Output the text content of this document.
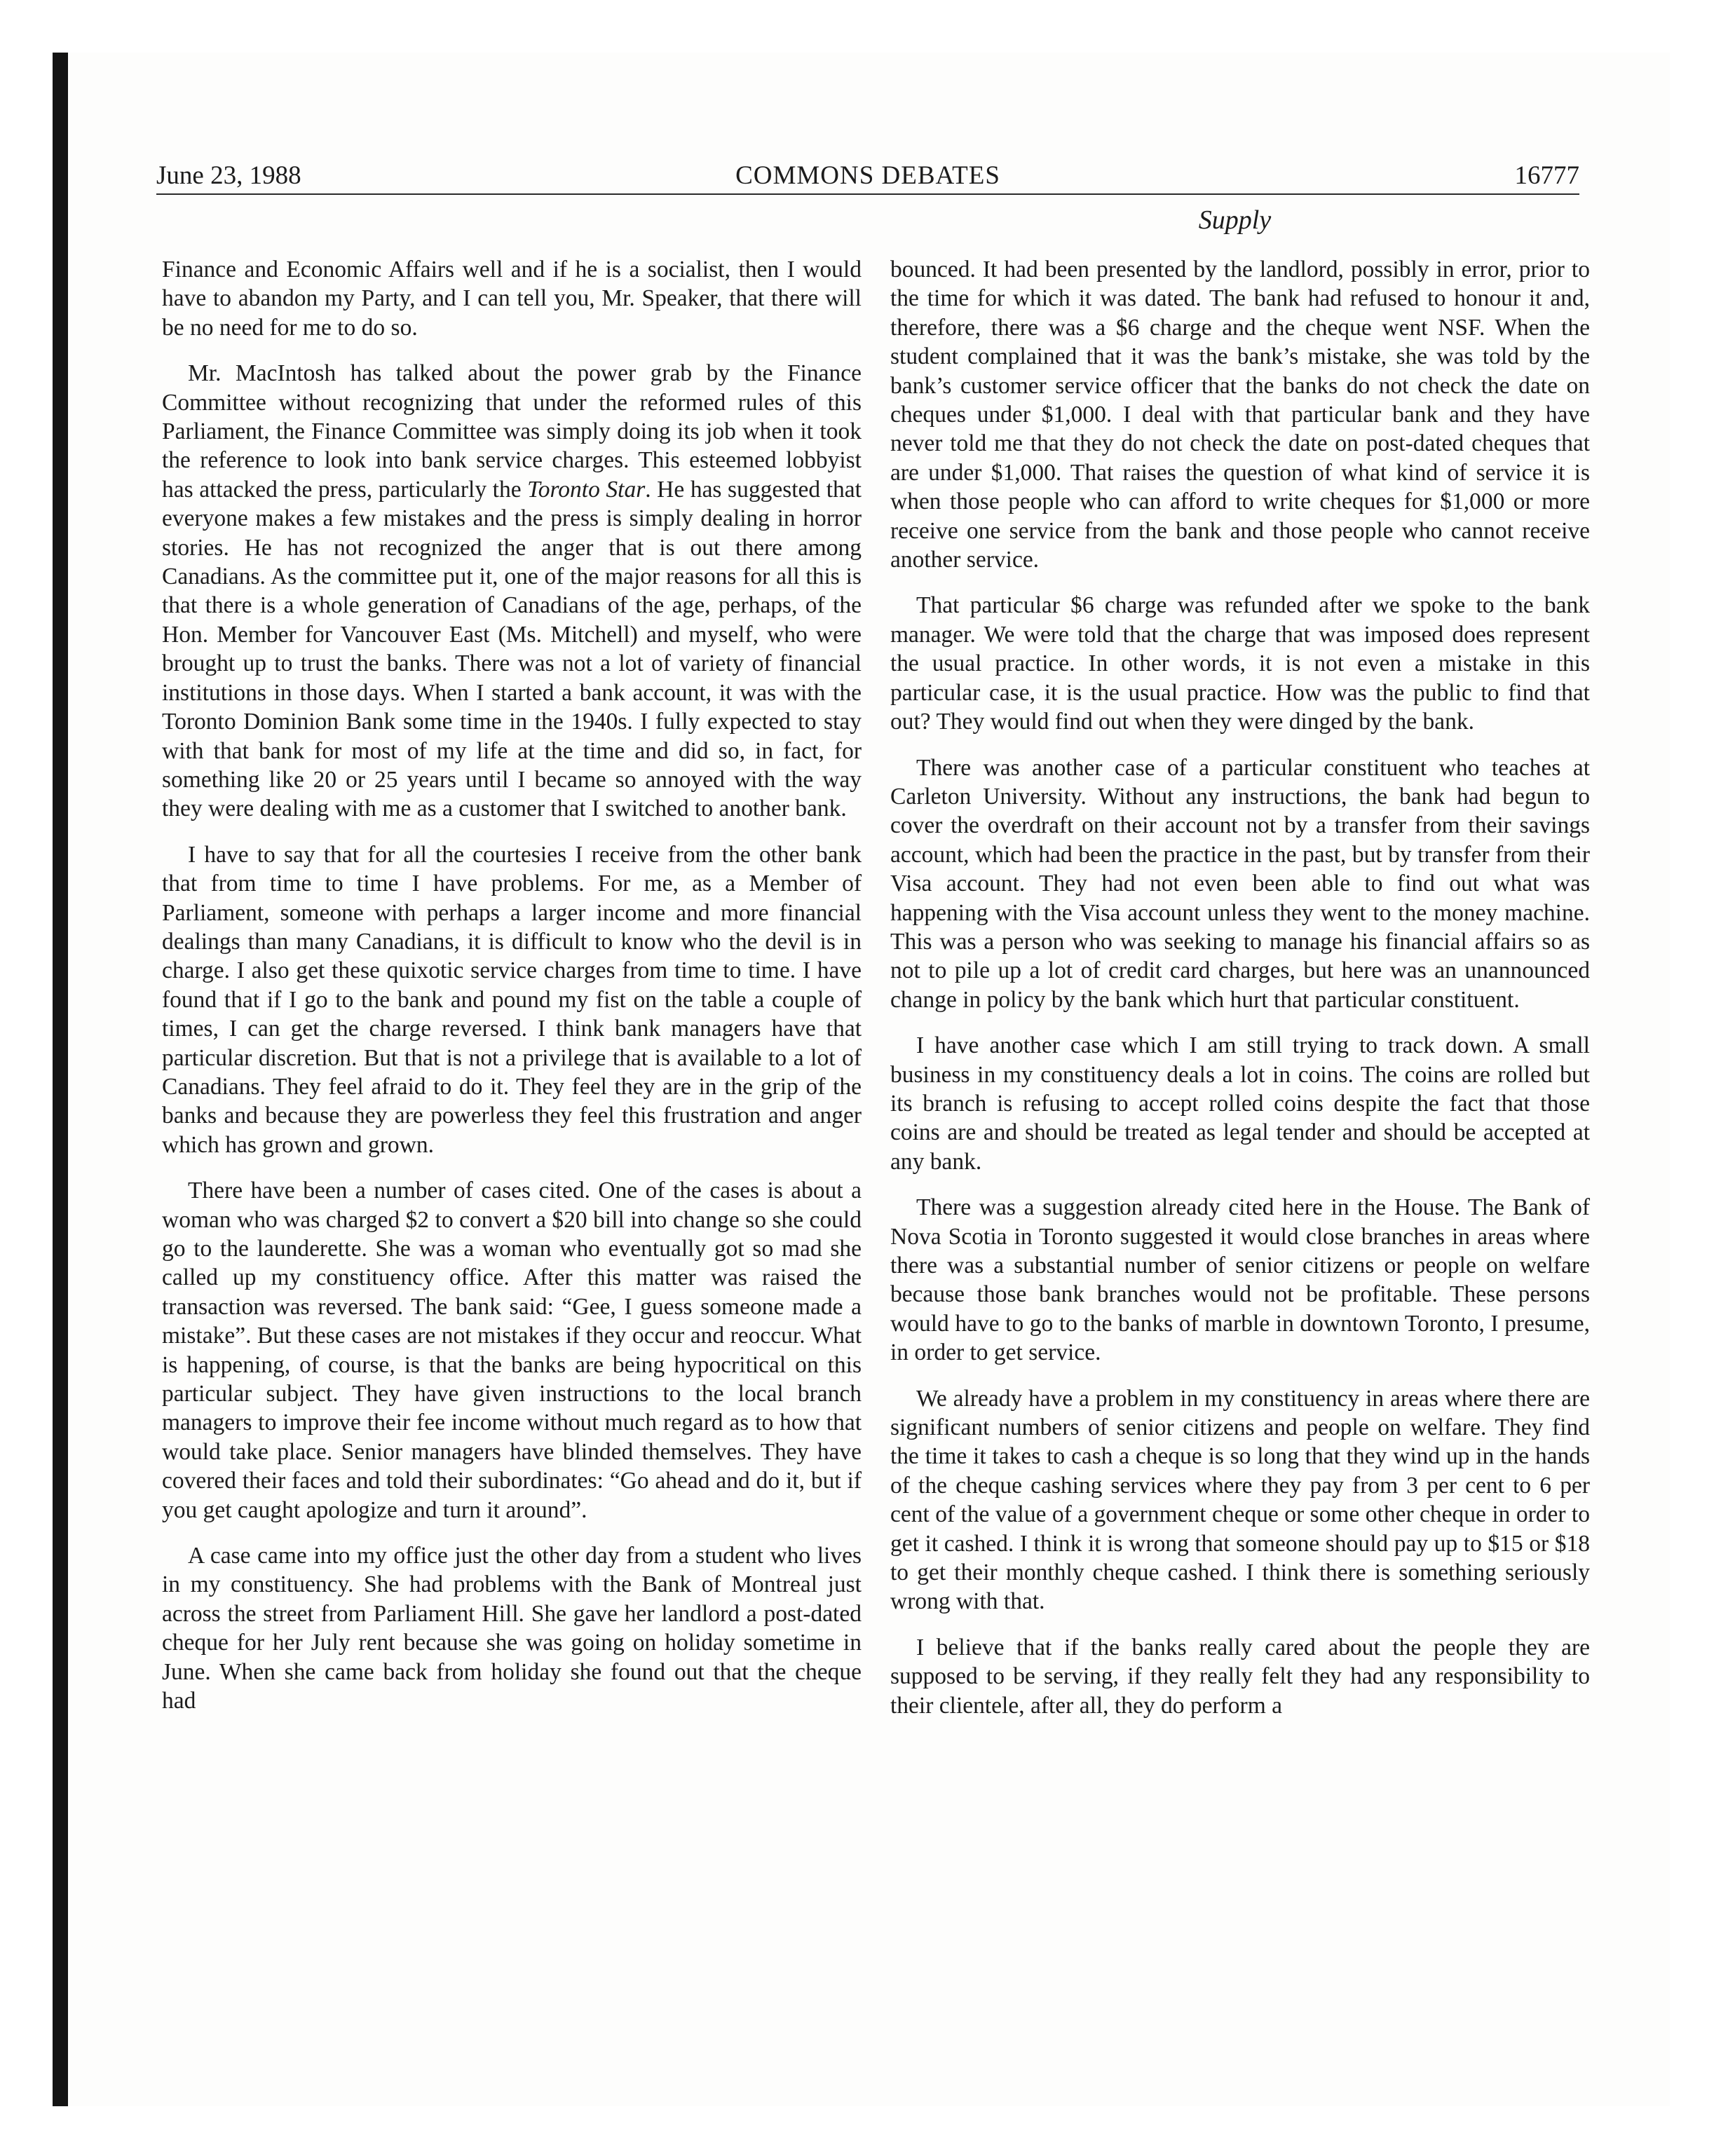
June 23, 1988	COMMONS DEBATES	16777
Supply

Finance and Economic Affairs well and if he is a socialist, then I would have to abandon my Party, and I can tell you, Mr. Speaker, that there will be no need for me to do so.

Mr. MacIntosh has talked about the power grab by the Finance Committee without recognizing that under the reformed rules of this Parliament, the Finance Committee was simply doing its job when it took the reference to look into bank service charges. This esteemed lobbyist has attacked the press, particularly the Toronto Star. He has suggested that everyone makes a few mistakes and the press is simply dealing in horror stories. He has not recognized the anger that is out there among Canadians. As the committee put it, one of the major reasons for all this is that there is a whole generation of Canadians of the age, perhaps, of the Hon. Member for Vancouver East (Ms. Mitchell) and myself, who were brought up to trust the banks. There was not a lot of variety of financial institutions in those days. When I started a bank account, it was with the Toronto Dominion Bank some time in the 1940s. I fully expected to stay with that bank for most of my life at the time and did so, in fact, for something like 20 or 25 years until I became so annoyed with the way they were dealing with me as a customer that I switched to another bank.

I have to say that for all the courtesies I receive from the other bank that from time to time I have problems. For me, as a Member of Parliament, someone with perhaps a larger income and more financial dealings than many Canadians, it is difficult to know who the devil is in charge. I also get these quixotic service charges from time to time. I have found that if I go to the bank and pound my fist on the table a couple of times, I can get the charge reversed. I think bank managers have that particular discretion. But that is not a privilege that is available to a lot of Canadians. They feel afraid to do it. They feel they are in the grip of the banks and because they are powerless they feel this frustration and anger which has grown and grown.

There have been a number of cases cited. One of the cases is about a woman who was charged $2 to convert a $20 bill into change so she could go to the launderette. She was a woman who eventually got so mad she called up my constituency office. After this matter was raised the transaction was reversed. The bank said: “Gee, I guess someone made a mistake”. But these cases are not mistakes if they occur and reoccur. What is happening, of course, is that the banks are being hypocritical on this particular subject. They have given instructions to the local branch managers to improve their fee income without much regard as to how that would take place. Senior managers have blinded themselves. They have covered their faces and told their subordinates: “Go ahead and do it, but if you get caught apologize and turn it around”.

A case came into my office just the other day from a student who lives in my constituency. She had problems with the Bank of Montreal just across the street from Parliament Hill. She gave her landlord a post-dated cheque for her July rent because she was going on holiday sometime in June. When she came back from holiday she found out that the cheque had

bounced. It had been presented by the landlord, possibly in error, prior to the time for which it was dated. The bank had refused to honour it and, therefore, there was a $6 charge and the cheque went NSF. When the student complained that it was the bank’s mistake, she was told by the bank’s customer service officer that the banks do not check the date on cheques under $1,000. I deal with that particular bank and they have never told me that they do not check the date on post-dated cheques that are under $1,000. That raises the question of what kind of service it is when those people who can afford to write cheques for $1,000 or more receive one service from the bank and those people who cannot receive another service.

That particular $6 charge was refunded after we spoke to the bank manager. We were told that the charge that was imposed does represent the usual practice. In other words, it is not even a mistake in this particular case, it is the usual practice. How was the public to find that out? They would find out when they were dinged by the bank.

There was another case of a particular constituent who teaches at Carleton University. Without any instructions, the bank had begun to cover the overdraft on their account not by a transfer from their savings account, which had been the practice in the past, but by transfer from their Visa account. They had not even been able to find out what was happening with the Visa account unless they went to the money machine. This was a person who was seeking to manage his financial affairs so as not to pile up a lot of credit card charges, but here was an unannounced change in policy by the bank which hurt that particular constituent.

I have another case which I am still trying to track down. A small business in my constituency deals a lot in coins. The coins are rolled but its branch is refusing to accept rolled coins despite the fact that those coins are and should be treated as legal tender and should be accepted at any bank.

There was a suggestion already cited here in the House. The Bank of Nova Scotia in Toronto suggested it would close branches in areas where there was a substantial number of senior citizens or people on welfare because those bank branches would not be profitable. These persons would have to go to the banks of marble in downtown Toronto, I presume, in order to get service.

We already have a problem in my constituency in areas where there are significant numbers of senior citizens and people on welfare. They find the time it takes to cash a cheque is so long that they wind up in the hands of the cheque cashing services where they pay from 3 per cent to 6 per cent of the value of a government cheque or some other cheque in order to get it cashed. I think it is wrong that someone should pay up to $15 or $18 to get their monthly cheque cashed. I think there is something seriously wrong with that.

I believe that if the banks really cared about the people they are supposed to be serving, if they really felt they had any responsibility to their clientele, after all, they do perform a
